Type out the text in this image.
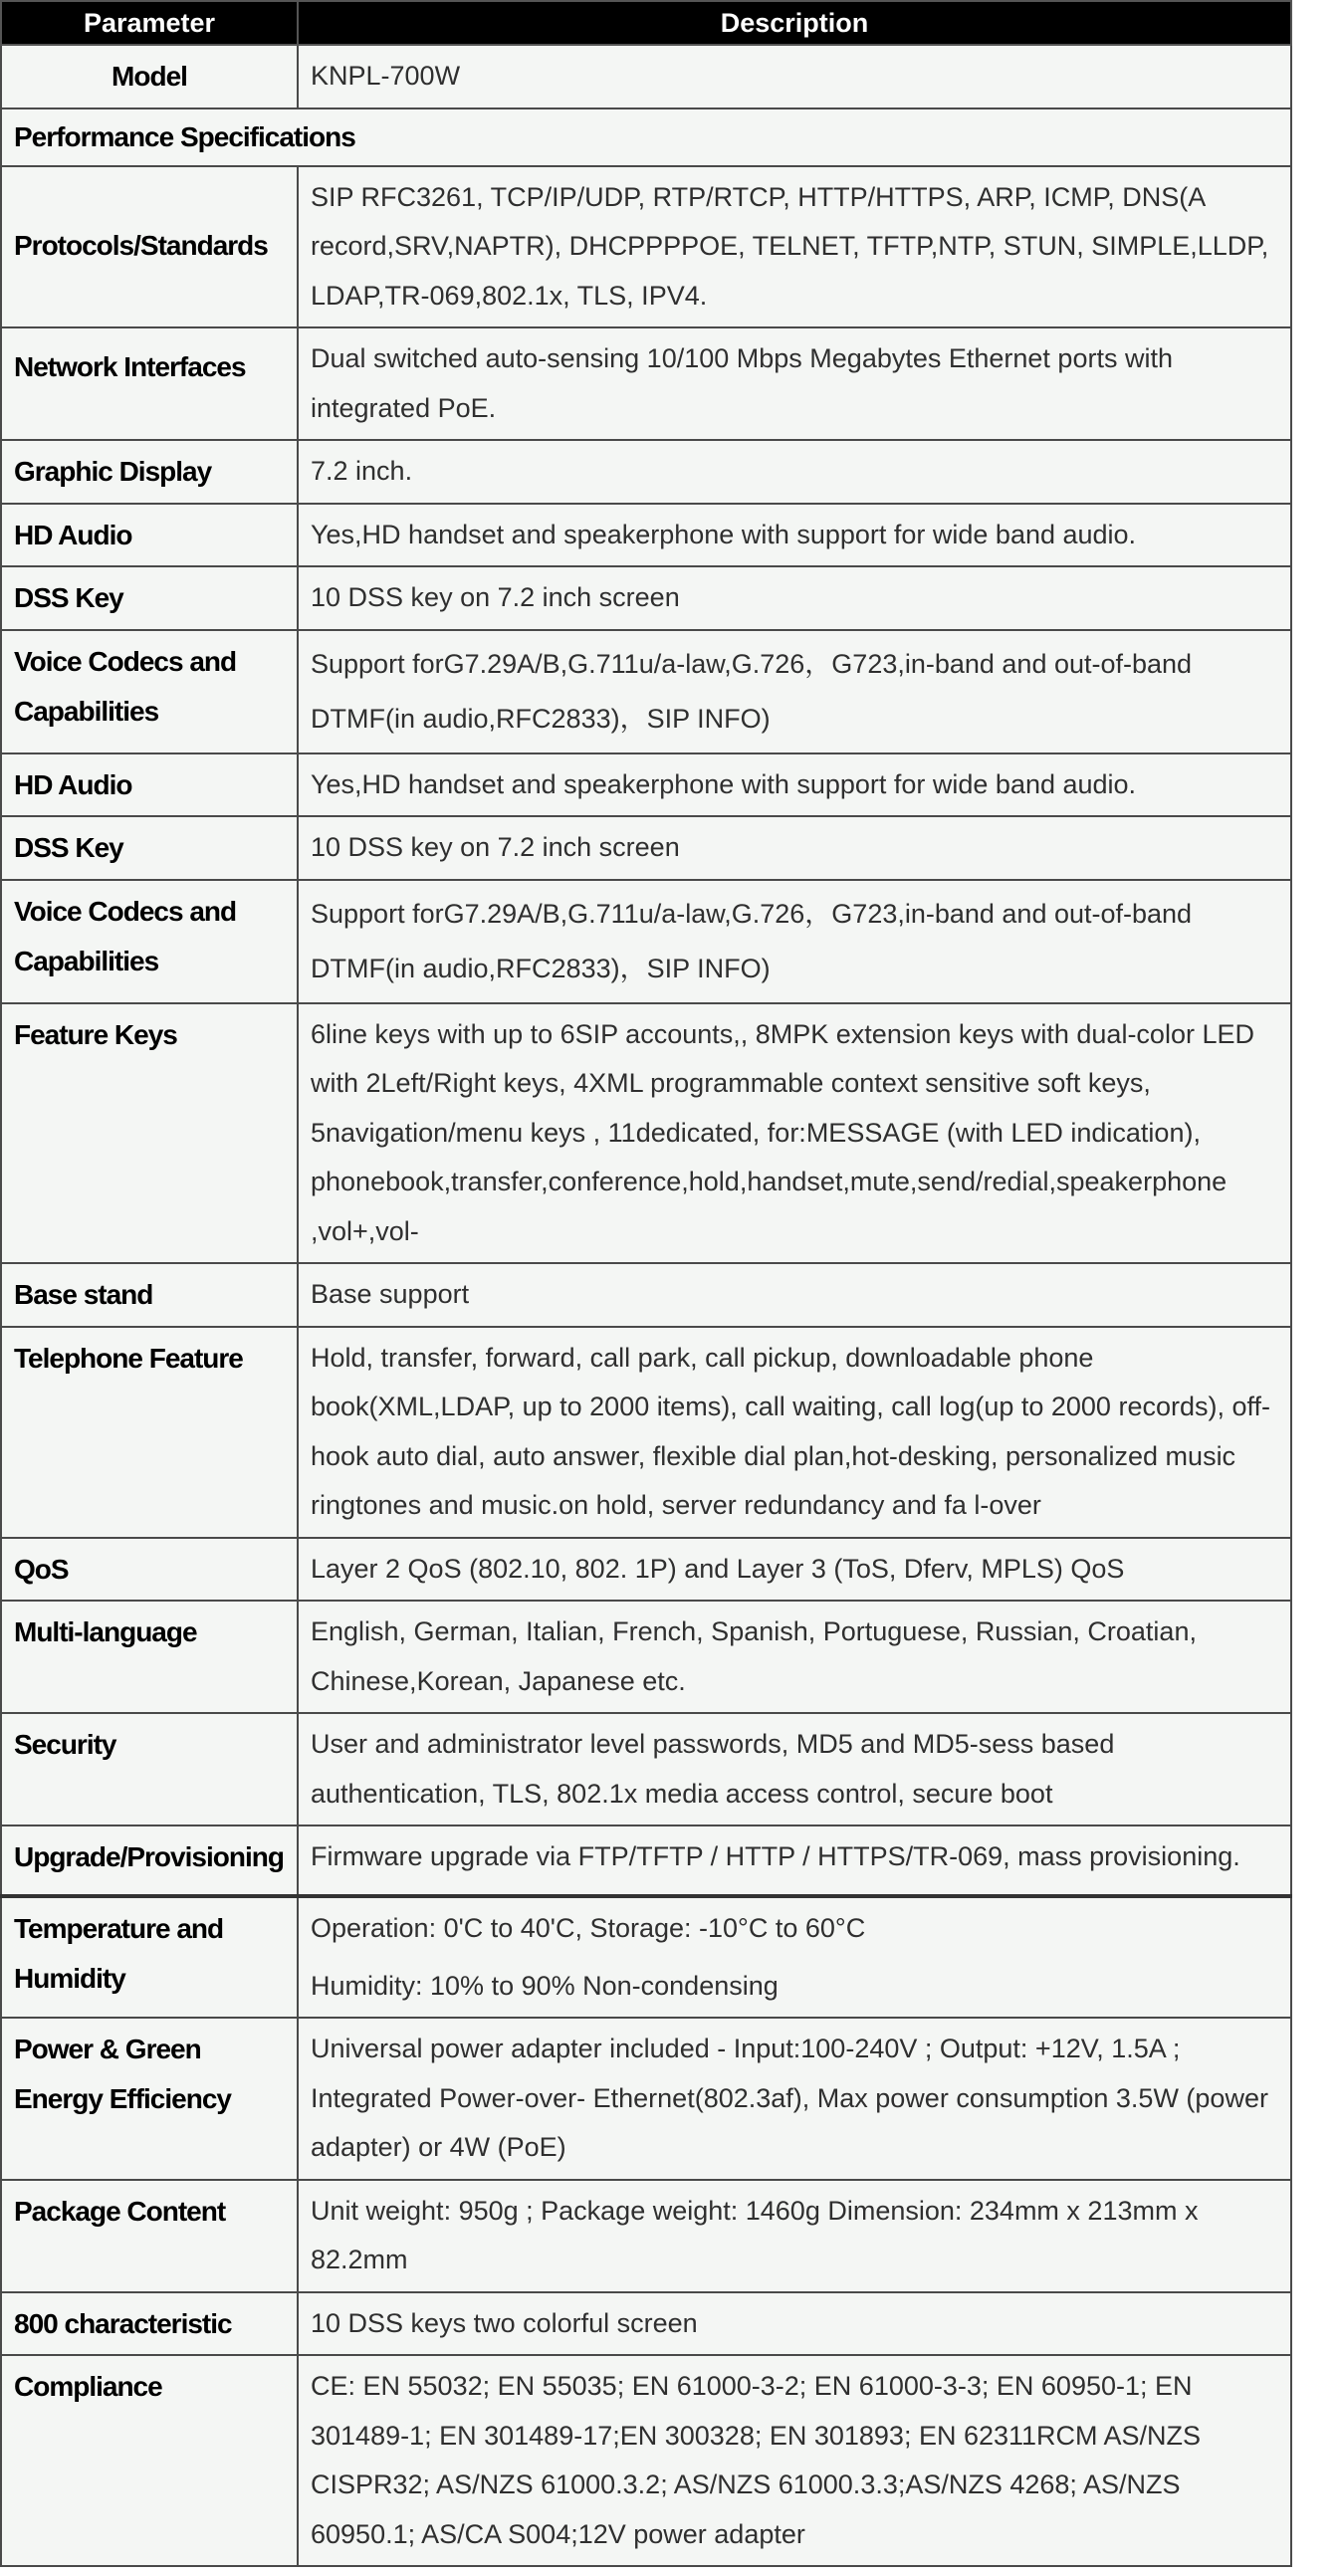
Parameter	Description
Model	KNPL-700W
Performance Specifications	
Protocols/Standards	SIP RFC3261, TCP/IP/UDP, RTP/RTCP, HTTP/HTTPS, ARP, ICMP, DNS(A record,SRV,NAPTR), DHCPPPPOE, TELNET, TFTP,NTP, STUN, SIMPLE,LLDP, LDAP,TR-069,802.1x, TLS, IPV4.
Network Interfaces	Dual switched auto-sensing 10/100 Mbps Megabytes Ethernet ports with integrated PoE.
Graphic Display	7.2 inch.
HD Audio	Yes,HD handset and speakerphone with support for wide band audio.
DSS Key	10 DSS key on 7.2 inch screen
Voice Codecs and Capabilities	Support forG7.29A/B,G.711u/a-law,G.726，G723,in-band and out-of-band DTMF(in audio,RFC2833)，SIP INFO)
HD Audio	Yes,HD handset and speakerphone with support for wide band audio.
DSS Key	10 DSS key on 7.2 inch screen
Voice Codecs and Capabilities	Support forG7.29A/B,G.711u/a-law,G.726，G723,in-band and out-of-band DTMF(in audio,RFC2833)，SIP INFO)
Feature Keys	6line keys with up to 6SIP accounts,, 8MPK extension keys with dual-color LED with 2Left/Right keys, 4XML programmable context sensitive soft keys, 5navigation/menu keys , 11dedicated, for:MESSAGE (with LED indication), phonebook,transfer,conference,hold,handset,mute,send/redial,speakerphone ,vol+,vol-
Base stand	Base support
Telephone Feature	Hold, transfer, forward, call park, call pickup, downloadable phone book(XML,LDAP, up to 2000 items), call waiting, call log(up to 2000 records), off-hook auto dial, auto answer, flexible dial plan,hot-desking, personalized music ringtones and music.on hold, server redundancy and fa l-over
QoS	Layer 2 QoS (802.10, 802. 1P) and Layer 3 (ToS, Dferv, MPLS) QoS
Multi-language	English, German, Italian, French, Spanish, Portuguese, Russian, Croatian, Chinese,Korean, Japanese etc.
Security	User and administrator level passwords, MD5 and MD5-sess based authentication, TLS, 802.1x media access control, secure boot
Upgrade/Provisioning	Firmware upgrade via FTP/TFTP / HTTP / HTTPS/TR-069, mass provisioning.
Temperature and Humidity	Operation: 0'C to 40'C, Storage: -10°C to 60°C
Humidity: 10% to 90% Non-condensing

Power & Green Energy Efficiency	Universal power adapter included - Input:100-240V ; Output: +12V, 1.5A ; Integrated Power-over- Ethernet(802.3af), Max power consumption 3.5W (power adapter) or 4W (PoE)
Package Content	Unit weight: 950g ; Package weight: 1460g Dimension: 234mm x 213mm x 82.2mm
800 characteristic	10 DSS keys two colorful screen
Compliance	CE: EN 55032; EN 55035; EN 61000-3-2; EN 61000-3-3; EN 60950-1; EN 301489-1; EN 301489-17;EN 300328; EN 301893; EN 62311RCM AS/NZS CISPR32; AS/NZS 61000.3.2; AS/NZS 61000.3.3;AS/NZS 4268; AS/NZS 60950.1; AS/CA S004;12V power adapter
